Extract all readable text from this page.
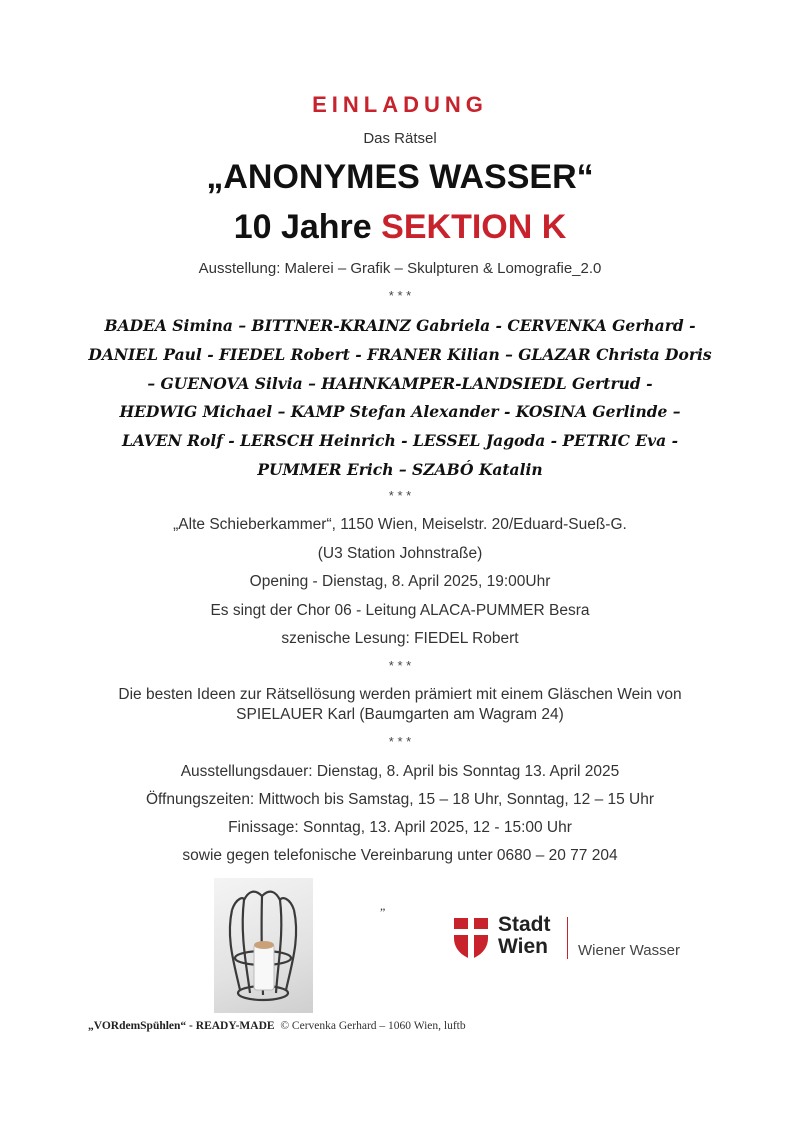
EINLADUNG
Das Rätsel
„ANONYMES WASSER“
10 Jahre SEKTION K
Ausstellung: Malerei – Grafik – Skulpturen & Lomografie_2.0
* * *
BADEA Simina – BITTNER-KRAINZ Gabriela - CERVENKA Gerhard -
DANIEL Paul - FIEDEL Robert - FRANER Kilian – GLAZAR Christa Doris
– GUENOVA Silvia – HAHNKAMPER-LANDSIEDL Gertrud -
HEDWIG Michael – KAMP Stefan Alexander - KOSINA Gerlinde –
LAVEN Rolf - LERSCH Heinrich - LESSEL Jagoda - PETRIC Eva -
PUMMER Erich – SZABÓ Katalin
* * *
„Alte Schieberkammer“, 1150 Wien, Meiselstr. 20/Eduard-Sueß-G.
(U3 Station Johnstraße)
Opening - Dienstag, 8. April 2025, 19:00Uhr
Es singt der Chor 06 - Leitung ALACA-PUMMER Besra
szenische Lesung: FIEDEL Robert
* * *
Die besten Ideen zur Rätsellösung werden prämiert mit einem Gläschen Wein von
SPIELAUER Karl (Baumgarten am Wagram 24)
* * *
Ausstellungsdauer: Dienstag, 8. April bis Sonntag 13. April 2025
Öffnungszeiten: Mittwoch bis Samstag, 15 – 18 Uhr, Sonntag, 12 – 15 Uhr
Finissage: Sonntag, 13. April 2025, 12 - 15:00 Uhr
sowie gegen telefonische Vereinbarung unter 0680 – 20 77 204
”
Stadt
Wien Wiener Wasser
„VORdemSpühlen“ - READY-MADE © Cervenka Gerhard – 1060 Wien, luftb
